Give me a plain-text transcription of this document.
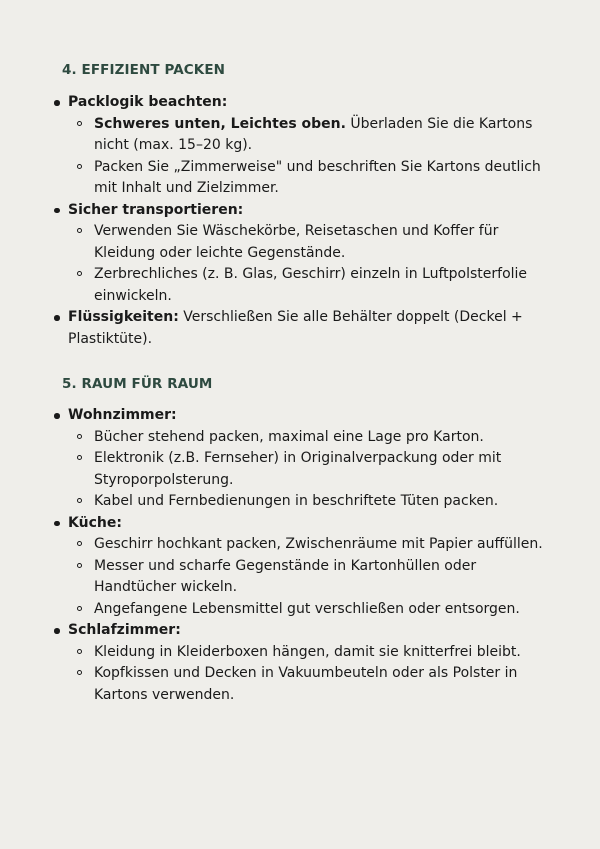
4. EFFIZIENT PACKEN
Packlogik beachten:
Schweres unten, Leichtes oben. Überladen Sie die Kartons nicht (max. 15–20 kg).
Packen Sie „Zimmerweise" und beschriften Sie Kartons deutlich mit Inhalt und Zielzimmer.
Sicher transportieren:
Verwenden Sie Wäschekörbe, Reisetaschen und Koffer für Kleidung oder leichte Gegenstände.
Zerbrechliches (z. B. Glas, Geschirr) einzeln in Luftpolsterfolie einwickeln.
Flüssigkeiten: Verschließen Sie alle Behälter doppelt (Deckel + Plastiktüte).
5. RAUM FÜR RAUM
Wohnzimmer:
Bücher stehend packen, maximal eine Lage pro Karton.
Elektronik (z.B. Fernseher) in Originalverpackung oder mit Styroporpolsterung.
Kabel und Fernbedienungen in beschriftete Tüten packen.
Küche:
Geschirr hochkant packen, Zwischenräume mit Papier auffüllen.
Messer und scharfe Gegenstände in Kartonhüllen oder Handtücher wickeln.
Angefangene Lebensmittel gut verschließen oder entsorgen.
Schlafzimmer:
Kleidung in Kleiderboxen hängen, damit sie knitterfrei bleibt.
Kopfkissen und Decken in Vakuumbeuteln oder als Polster in Kartons verwenden.
